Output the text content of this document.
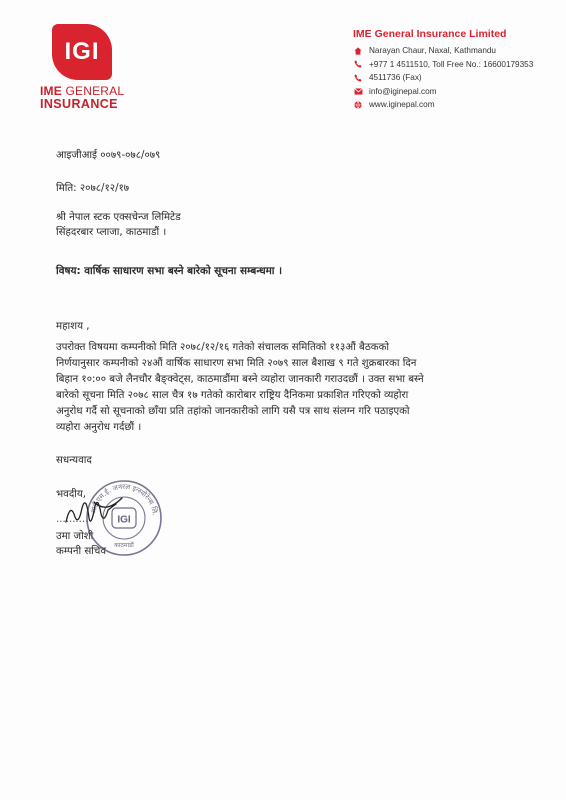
IGI
IME GENERAL
INSURANCE
IME General Insurance Limited
Narayan Chaur, Naxal, Kathmandu
+977 1 4511510, Toll Free No.: 16600179353
4511736 (Fax)
info@iginepal.com
www.iginepal.com
आइजीआई ००७९-०७८/०७९
मिति: २०७८/१२/१७
श्री नेपाल स्टक एक्सचेन्ज लिमिटेड
सिंहदरबार प्लाजा, काठमाडौं ।
विषय: वार्षिक साधारण सभा बस्ने बारेको सूचना सम्बन्धमा ।
महाशय ,
उपरोक्त विषयमा कम्पनीको मिति २०७८/१२/१६ गतेको संचालक समितिको ११३औं बैठकको
निर्णयानुसार कम्पनीको २४औं वार्षिक साधारण सभा मिति २०७९ साल बैशाख ९ गते शुक्रबारका दिन
बिहान १०:०० बजे लैनचौर बैङ्क्वेट्स, काठमाडौंमा बस्ने व्यहोरा जानकारी गराउदछौं । उक्त सभा बस्ने
बारेको सूचना मिति २०७८ साल चैत्र १७ गतेको कारोबार राष्ट्रिय दैनिकमा प्रकाशित गरिएको व्यहोरा
अनुरोध गर्दै सो सूचनाको छाँया प्रति तहांको जानकारीको लागि यसै पत्र साथ संलग्न गरि पठाइएको
व्यहोरा अनुरोध गर्दछौं ।
सधन्यवाद
भवदीय,
..........
उमा जोशी
कम्पनी सचिव
आई.एम.ई. जनरल इन्स्योरेन्स लि.
IGI
काठमाडौं
